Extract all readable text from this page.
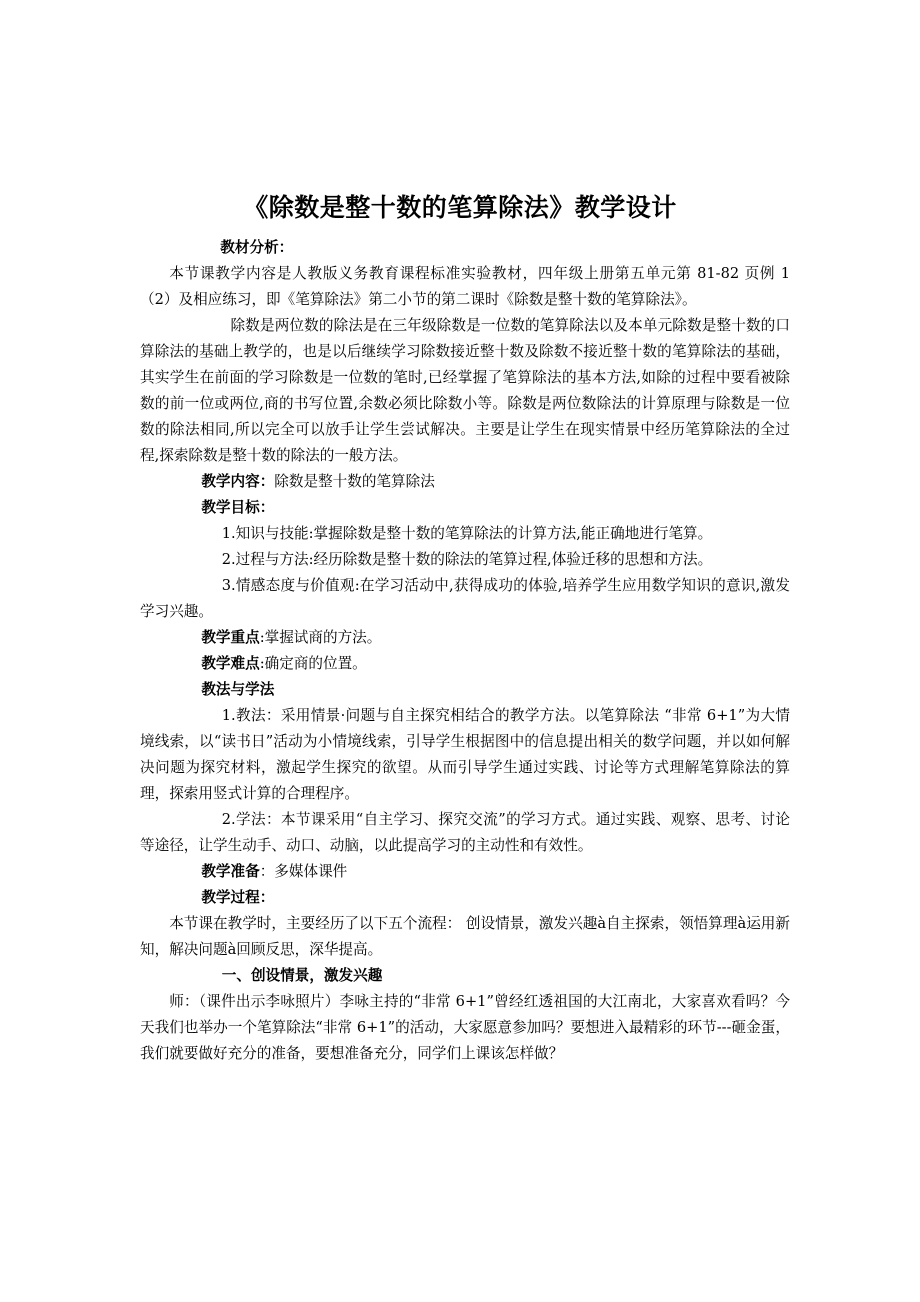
《除数是整十数的笔算除法》教学设计

教材分析：

本节课教学内容是人教版义务教育课程标准实验教材，四年级上册第五单元第 81-82 页例 1（2）及相应练习，即《笔算除法》第二小节的第二课时《除数是整十数的笔算除法》。

除数是两位数的除法是在三年级除数是一位数的笔算除法以及本单元除数是整十数的口算除法的基础上教学的，也是以后继续学习除数接近整十数及除数不接近整十数的笔算除法的基础，其实学生在前面的学习除数是一位数的笔时,已经掌握了笔算除法的基本方法,如除的过程中要看被除数的前一位或两位,商的书写位置,余数必须比除数小等。除数是两位数除法的计算原理与除数是一位数的除法相同,所以完全可以放手让学生尝试解决。主要是让学生在现实情景中经历笔算除法的全过程,探索除数是整十数的除法的一般方法。

教学内容：除数是整十数的笔算除法

教学目标：

1.知识与技能:掌握除数是整十数的笔算除法的计算方法,能正确地进行笔算。

2.过程与方法:经历除数是整十数的除法的笔算过程,体验迁移的思想和方法。

3.情感态度与价值观:在学习活动中,获得成功的体验,培养学生应用数学知识的意识,激发学习兴趣。

教学重点:掌握试商的方法。

教学难点:确定商的位置。

教法与学法

1.教法：采用情景·问题与自主探究相结合的教学方法。以笔算除法 “非常 6+1”为大情境线索，以“读书日”活动为小情境线索，引导学生根据图中的信息提出相关的数学问题，并以如何解决问题为探究材料，激起学生探究的欲望。从而引导学生通过实践、讨论等方式理解笔算除法的算理，探索用竖式计算的合理程序。

2.学法：本节课采用“自主学习、探究交流”的学习方式。通过实践、观察、思考、讨论等途径，让学生动手、动口、动脑，以此提高学习的主动性和有效性。

教学准备：多媒体课件

教学过程：

本节课在教学时，主要经历了以下五个流程： 创设情景，激发兴趣à自主探索，领悟算理à运用新知，解决问题à回顾反思，深华提高。

一、创设情景，激发兴趣

师：（课件出示李咏照片）李咏主持的“非常 6+1”曾经红透祖国的大江南北，大家喜欢看吗？今天我们也举办一个笔算除法“非常 6+1”的活动，大家愿意参加吗？要想进入最精彩的环节---砸金蛋，我们就要做好充分的准备，要想准备充分，同学们上课该怎样做？
